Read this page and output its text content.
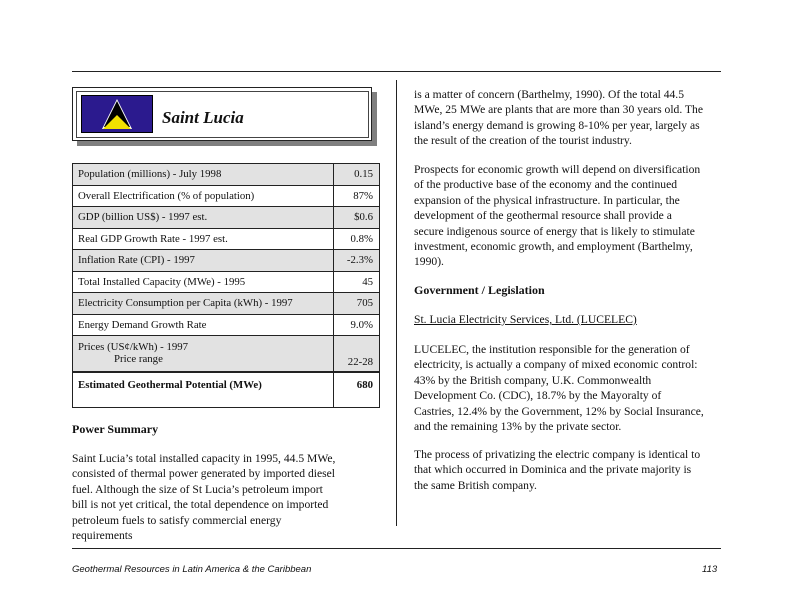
Saint Lucia
Population (millions) - July 1998	0.15
Overall Electrification (% of population)	87%
GDP (billion US$) - 1997 est.	$0.6
Real GDP Growth Rate - 1997 est.	0.8%
Inflation Rate (CPI) - 1997	-2.3%
Total Installed Capacity (MWe) - 1995	45
Electricity Consumption per Capita (kWh) - 1997	705
Energy Demand Growth Rate	9.0%
Prices (US¢/kWh) - 1997
Price range	22-28
Estimated Geothermal Potential (MWe)	680
Power Summary

Saint Lucia’s total installed capacity in 1995, 44.5 MWe, consisted of thermal power generated by imported diesel fuel. Although the size of St Lucia’s petroleum import bill is not yet critical, the total dependence on imported petroleum fuels to satisfy commercial energy requirements

is a matter of concern (Barthelmy, 1990). Of the total 44.5 MWe, 25 MWe are plants that are more than 30 years old. The island’s energy demand is growing 8-10% per year, largely as the result of the creation of the tourist industry.

Prospects for economic growth will depend on diversification of the productive base of the economy and the continued expansion of the physical infrastructure. In particular, the development of the geothermal resource shall provide a secure indigenous source of energy that is likely to stimulate investment, economic growth, and employment (Barthelmy, 1990).

Government / Legislation
St. Lucia Electricity Services, Ltd. (LUCELEC)

LUCELEC, the institution responsible for the generation of electricity, is actually a company of mixed economic control: 43% by the British company, U.K. Commonwealth Development Co. (CDC), 18.7% by the Mayoralty of Castries, 12.4% by the Government, 12% by Social Insurance, and the remaining 13% by the private sector.

The process of privatizing the electric company is identical to that which occurred in Dominica and the private majority is the same British company.

Geothermal Resources in Latin America & the Caribbean	113
